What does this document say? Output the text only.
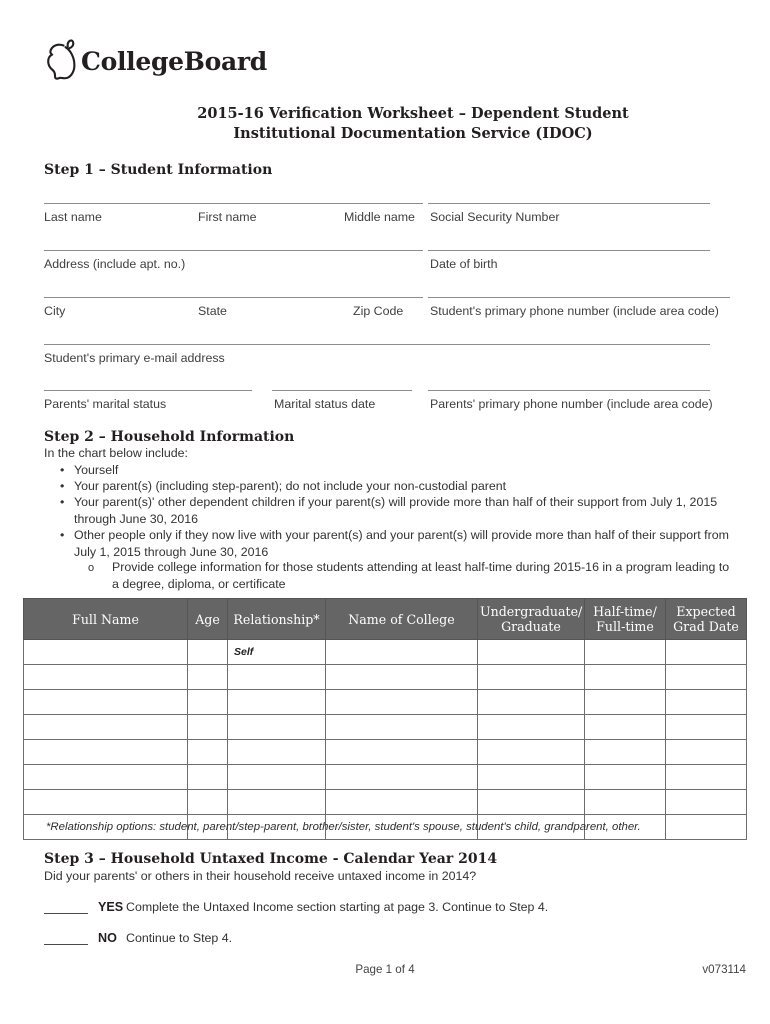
CollegeBoard
2015-16 Verification Worksheet – Dependent Student
Institutional Documentation Service (IDOC)
Step 1 – Student Information
Last name	First name	Middle name Social Security Number
Address (include apt. no.)	Date of birth
City	State	Zip Code Student's primary phone number (include area code)
Student's primary e-mail address
Parents' marital status	Marital status date	Parents' primary phone number (include area code)
Step 2 – Household Information
In the chart below include:
• Yourself
• Your parent(s) (including step-parent); do not include your non-custodial parent
• Your parent(s)' other dependent children if your parent(s) will provide more than half of their support from July 1, 2015 through June 30, 2016
• Other people only if they now live with your parent(s) and your parent(s) will provide more than half of their support from July 1, 2015 through June 30, 2016
o Provide college information for those students attending at least half-time during 2015-16 in a program leading to a degree, diploma, or certificate
Full Name	Age	Relationship*	Name of College	Undergraduate/ Graduate	Half-time/ Full-time	Expected Grad Date
		Self				

*Relationship options: student, parent/step-parent, brother/sister, student's spouse, student's child, grandparent, other.
Step 3 – Household Untaxed Income - Calendar Year 2014
Did your parents' or others in their household receive untaxed income in 2014?
YES Complete the Untaxed Income section starting at page 3. Continue to Step 4.
NO Continue to Step 4.
Page 1 of 4	v073114
